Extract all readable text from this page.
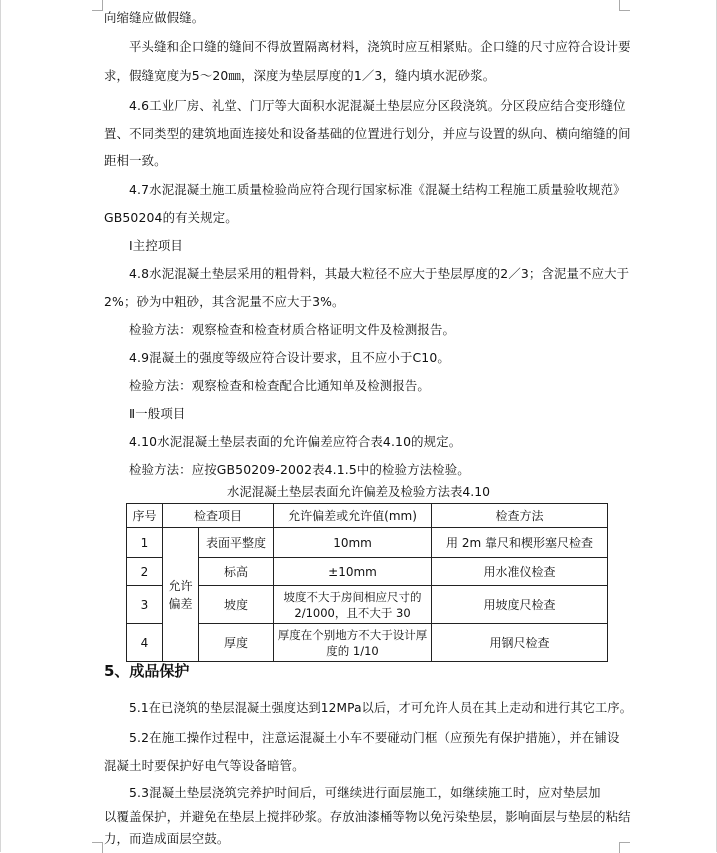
向缩缝应做假缝。
平头缝和企口缝的缝间不得放置隔离材料，浇筑时应互相紧贴。企口缝的尺寸应符合设计要
求，假缝宽度为5～20㎜，深度为垫层厚度的1／3，缝内填水泥砂浆。
4.6工业厂房、礼堂、门厅等大面积水泥混凝土垫层应分区段浇筑。分区段应结合变形缝位
置、不同类型的建筑地面连接处和设备基础的位置进行划分，并应与设置的纵向、横向缩缝的间
距相一致。
4.7水泥混凝土施工质量检验尚应符合现行国家标准《混凝土结构工程施工质量验收规范》
GB50204的有关规定。
Ⅰ主控项目
4.8水泥混凝土垫层采用的粗骨料，其最大粒径不应大于垫层厚度的2／3；含泥量不应大于
2%；砂为中粗砂，其含泥量不应大于3%。
检验方法：观察检查和检查材质合格证明文件及检测报告。
4.9混凝土的强度等级应符合设计要求，且不应小于C10。
检验方法：观察检查和检查配合比通知单及检测报告。
Ⅱ一般项目
4.10水泥混凝土垫层表面的允许偏差应符合表4.10的规定。
检验方法：应按GB50209-2002表4.1.5中的检验方法检验。
水泥混凝土垫层表面允许偏差及检验方法表4.10
序号	检查项目		允许偏差或允许值(mm)	检查方法
1	允许偏差	表面平整度	10mm	用 2m 靠尺和楔形塞尺检查
2		标高	±10mm	用水准仪检查
3		坡度	坡度不大于房间相应尺寸的2/1000，且不大于 30	用坡度尺检查
4		厚度	厚度在个别地方不大于设计厚度的 1/10	用钢尺检查
5、成品保护
5.1在已浇筑的垫层混凝土强度达到12MPa以后，才可允许人员在其上走动和进行其它工序。
5.2在施工操作过程中，注意运混凝土小车不要碰动门框（应预先有保护措施），并在铺设
混凝土时要保护好电气等设备暗管。
5.3混凝土垫层浇筑完养护时间后，可继续进行面层施工，如继续施工时，应对垫层加
以覆盖保护，并避免在垫层上搅拌砂浆。存放油漆桶等物以免污染垫层，影响面层与垫层的粘结
力，而造成面层空鼓。
